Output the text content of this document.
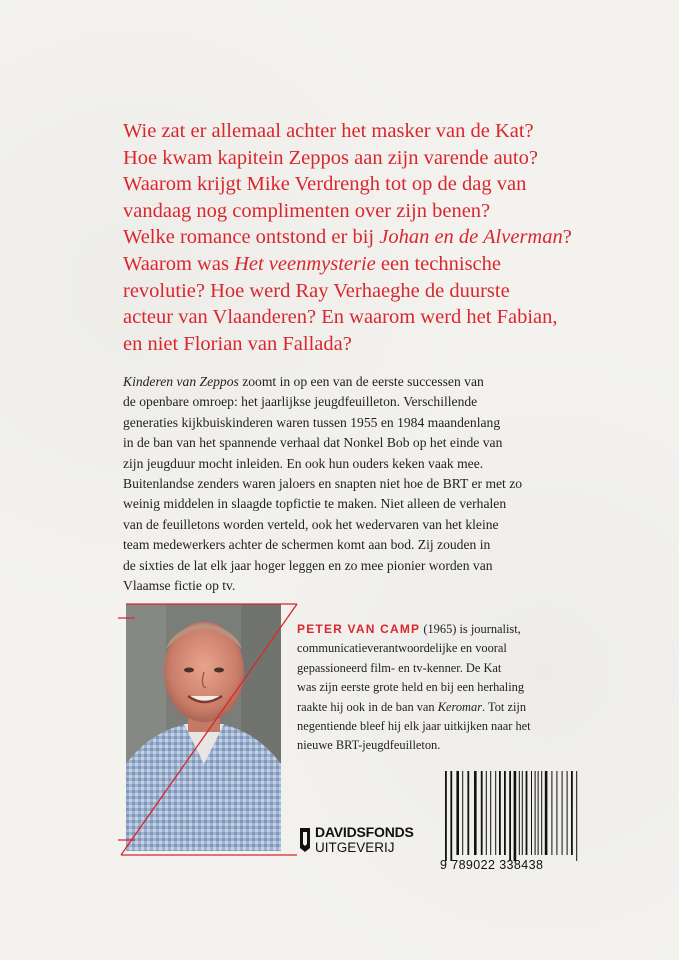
Wie zat er allemaal achter het masker van de Kat?
Hoe kwam kapitein Zeppos aan zijn varende auto?
Waarom krijgt Mike Verdrengh tot op de dag van
vandaag nog complimenten over zijn benen?
Welke romance ontstond er bij Johan en de Alverman?
Waarom was Het veenmysterie een technische
revolutie? Hoe werd Ray Verhaeghe de duurste
acteur van Vlaanderen? En waarom werd het Fabian,
en niet Florian van Fallada?

Kinderen van Zeppos zoomt in op een van de eerste successen van
de openbare omroep: het jaarlijkse jeugdfeuilleton. Verschillende
generaties kijkbuiskinderen waren tussen 1955 en 1984 maandenlang
in de ban van het spannende verhaal dat Nonkel Bob op het einde van
zijn jeugduur mocht inleiden. En ook hun ouders keken vaak mee.
Buitenlandse zenders waren jaloers en snapten niet hoe de BRT er met zo
weinig middelen in slaagde topfictie te maken. Niet alleen de verhalen
van de feuilletons worden verteld, ook het wedervaren van het kleine
team medewerkers achter de schermen komt aan bod. Zij zouden in
de sixties de lat elk jaar hoger leggen en zo mee pionier worden van
Vlaamse fictie op tv.

PETER VAN CAMP (1965) is journalist,
communicatieverantwoordelijke en vooral
gepassioneerd film- en tv-kenner. De Kat
was zijn eerste grote held en bij een herhaling
raakte hij ook in de ban van Keromar. Tot zijn
negentiende bleef hij elk jaar uitkijken naar het
nieuwe BRT-jeugdfeuilleton.

DAVIDSFONDS

UITGEVERIJ

9 789022 338438
